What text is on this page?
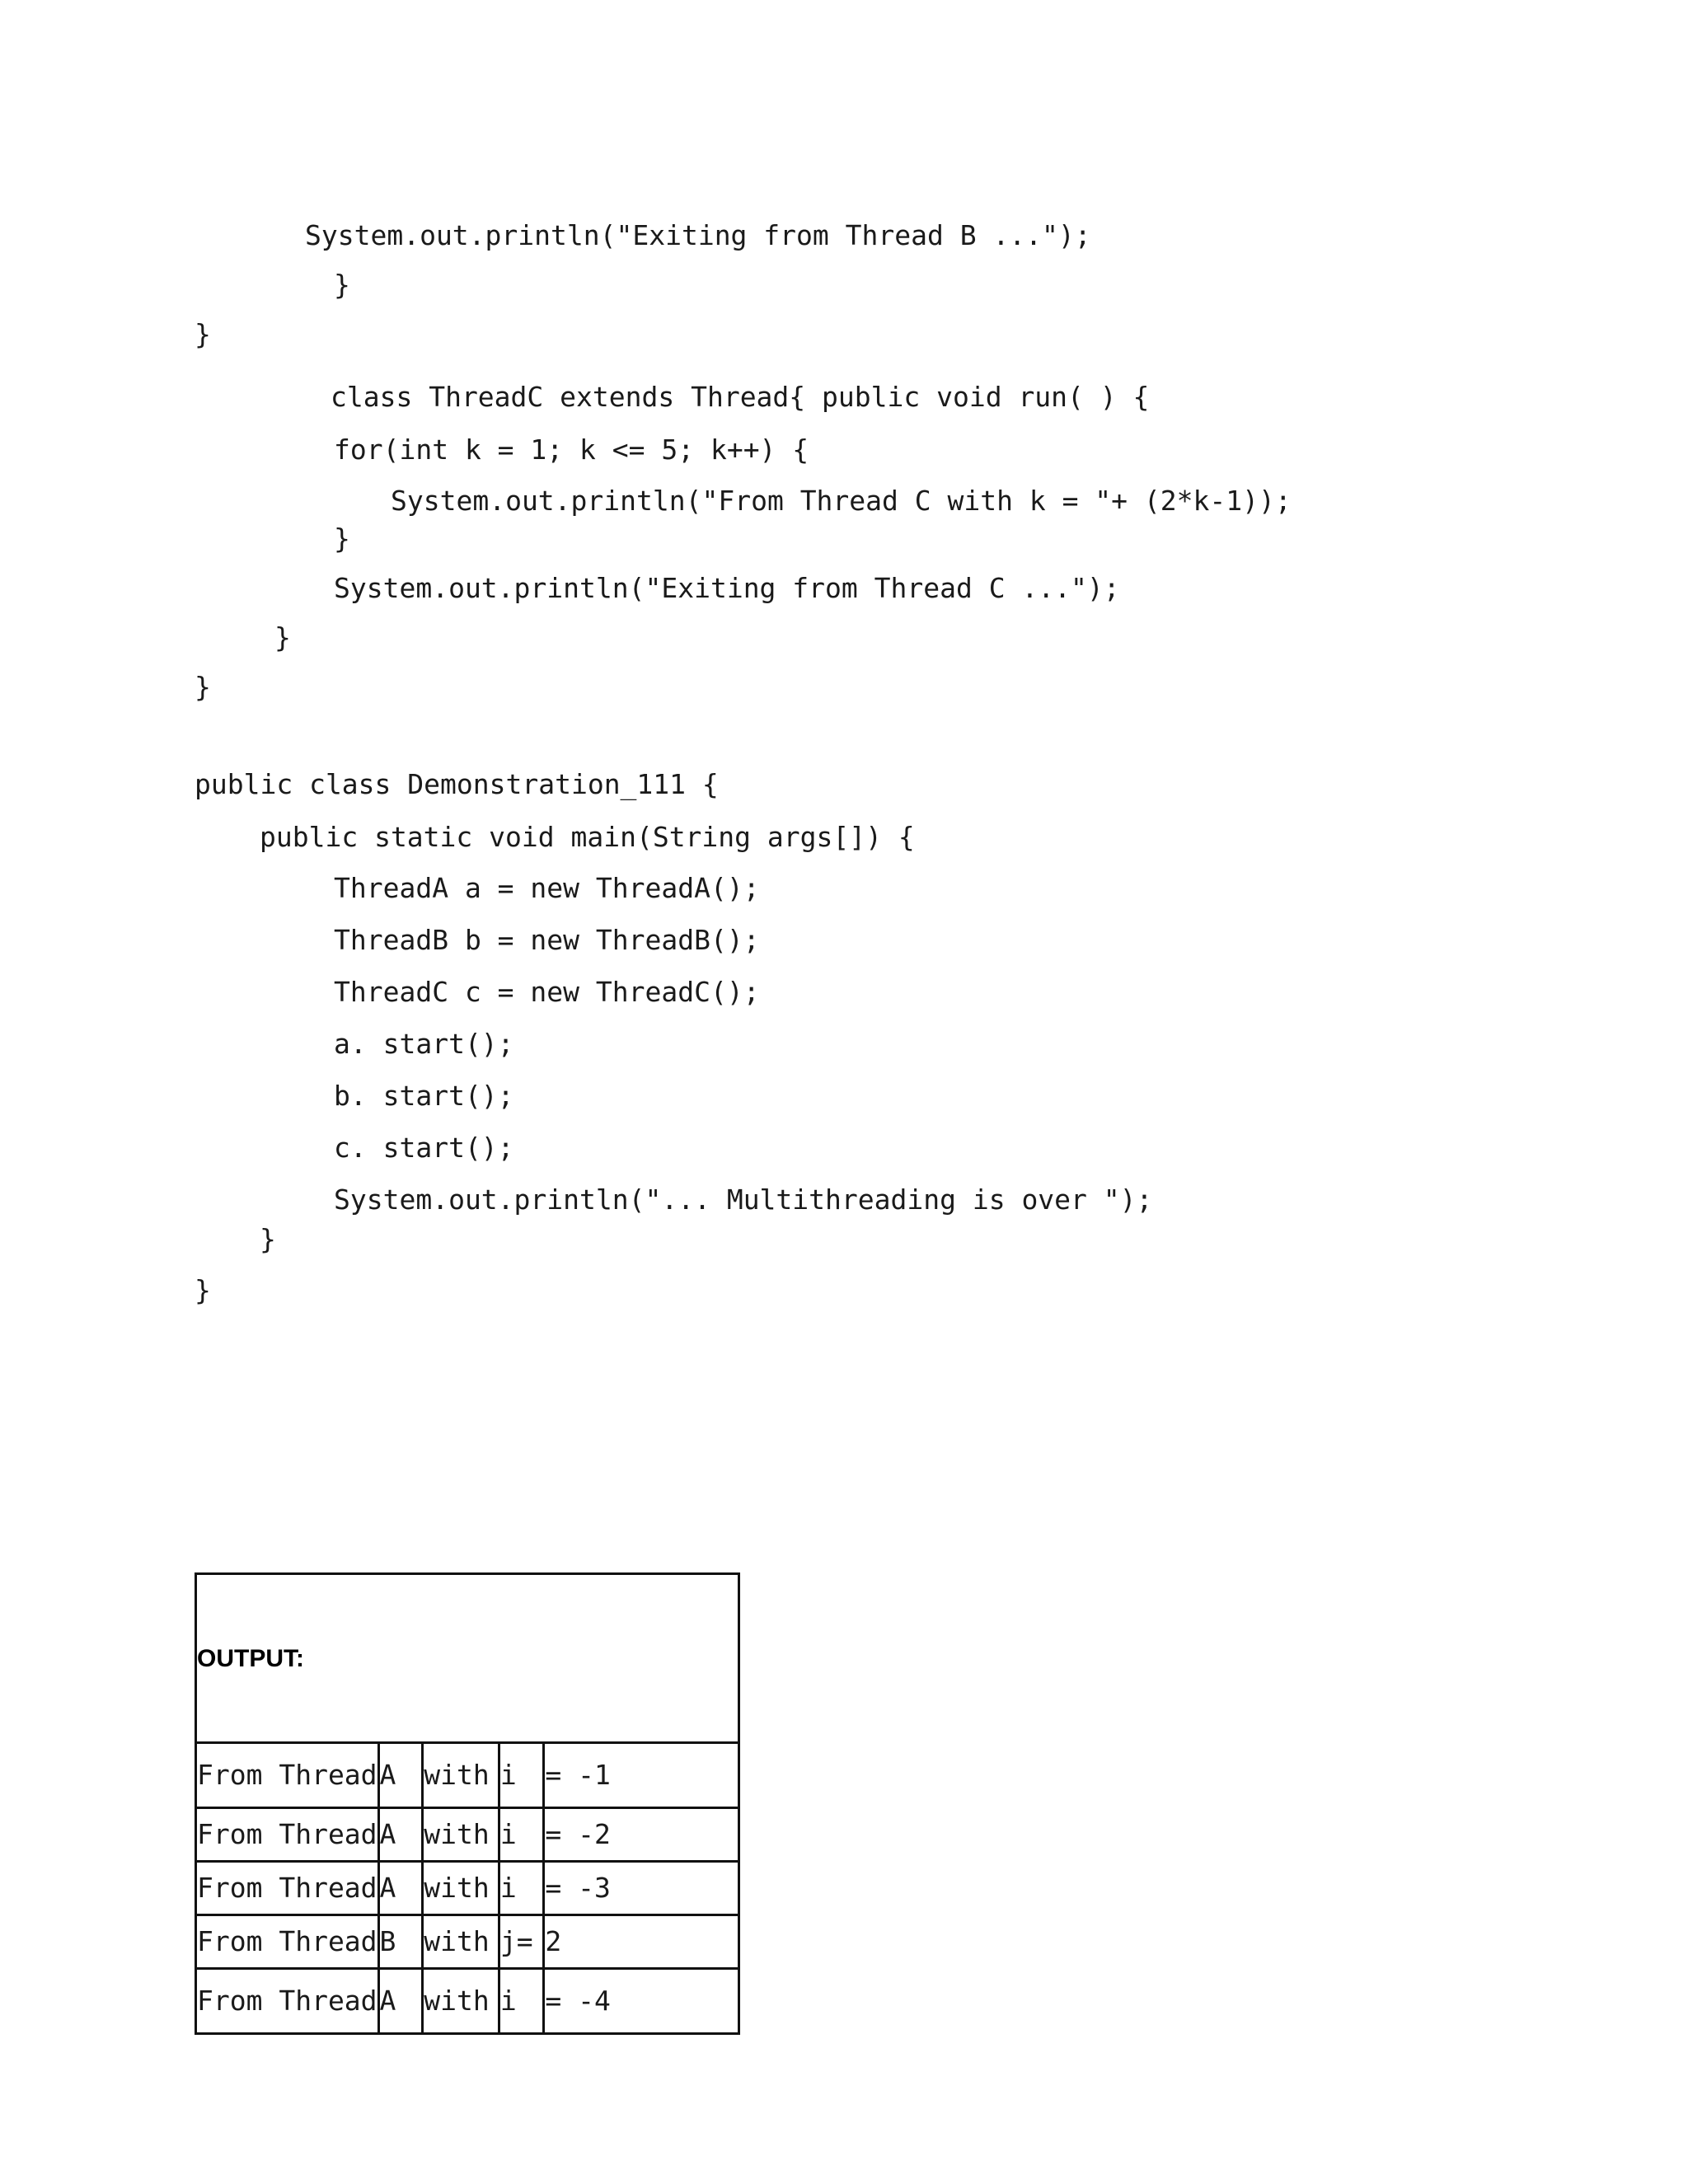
System.out.println("Exiting from Thread B ...");
}
}
class ThreadC extends Thread{ public void run( ) {
for(int k = 1; k <= 5; k++) {
System.out.println("From Thread C with k = "+ (2*k-1));
}
System.out.println("Exiting from Thread C ...");
}
}
public class Demonstration_111 {
public static void main(String args[]) {
ThreadA a = new ThreadA();
ThreadB b = new ThreadB();
ThreadC c = new ThreadC();
a. start();
b. start();
c. start();
System.out.println("... Multithreading is over ");
}
}

OUTPUT:				

From Thread	A	with	i	= -1
From Thread	A	with	i	= -2
From Thread	A	with	i	= -3
From Thread	B	with	j=	2
From Thread	A	with	i	= -4
